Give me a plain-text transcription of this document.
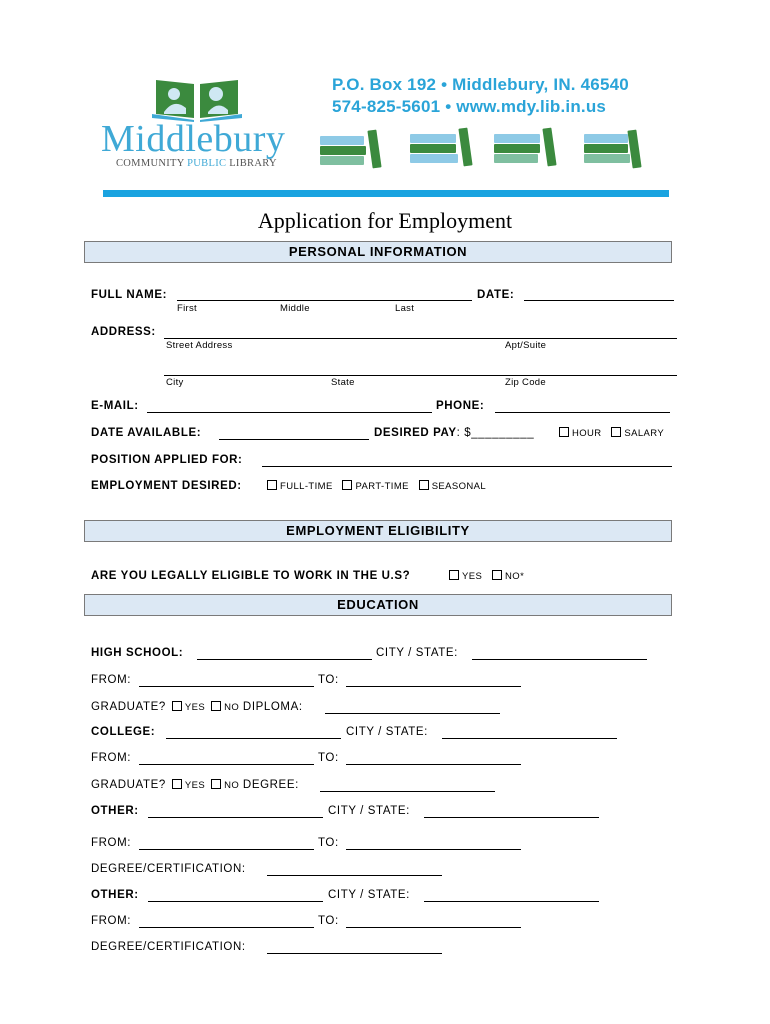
Middlebury
COMMUNITY PUBLIC LIBRARY
P.O. Box 192 • Middlebury, IN. 46540
574-825-5601 • www.mdy.lib.in.us
Application for Employment
PERSONAL INFORMATION
FULL NAME:	DATE:
First	Middle	Last
ADDRESS:
Street Address	Apt/Suite
City	State	Zip Code
E-MAIL:	PHONE:
DATE AVAILABLE:	DESIRED PAY: $_________	HOUR SALARY
POSITION APPLIED FOR:
EMPLOYMENT DESIRED:	FULL-TIME PART-TIME SEASONAL
EMPLOYMENT ELIGIBILITY
ARE YOU LEGALLY ELIGIBLE TO WORK IN THE U.S?	YES NO*
EDUCATION
HIGH SCHOOL:	CITY / STATE:
FROM:	TO:
GRADUATE? YES NO DIPLOMA:
COLLEGE:	CITY / STATE:
FROM:	TO:
GRADUATE? YES NO DEGREE:
OTHER:	CITY / STATE:
FROM:	TO:
DEGREE/CERTIFICATION:
OTHER:	CITY / STATE:
FROM:	TO:
DEGREE/CERTIFICATION:
